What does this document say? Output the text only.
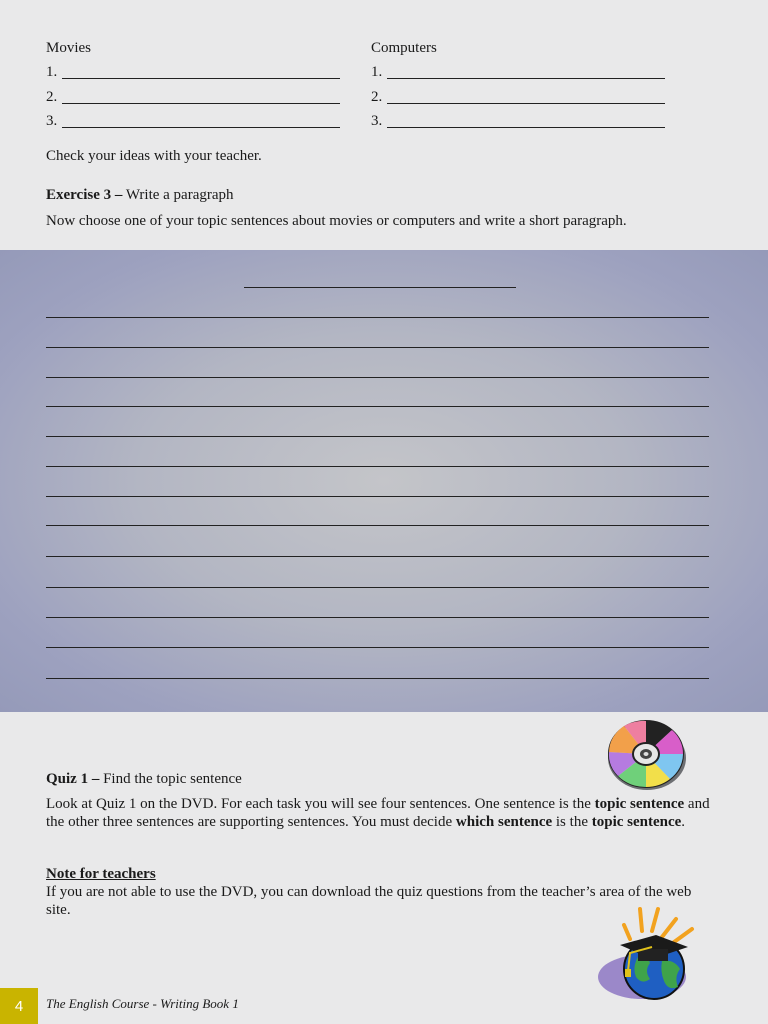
Movies
1.
2.
3.
Computers
1.
2.
3.
Check your ideas with your teacher.
Exercise 3 – Write a paragraph
Now choose one of your topic sentences about movies or computers and write a short paragraph.
Quiz 1 – Find the topic sentence
Look at Quiz 1 on the DVD. For each task you will see four sentences. One sentence is the topic sentence and the other three sentences are supporting sentences. You must decide which sentence is the topic sentence.
Note for teachers
If you are not able to use the DVD, you can download the quiz questions from the teacher’s area of the web site.
4	The English Course - Writing Book 1
